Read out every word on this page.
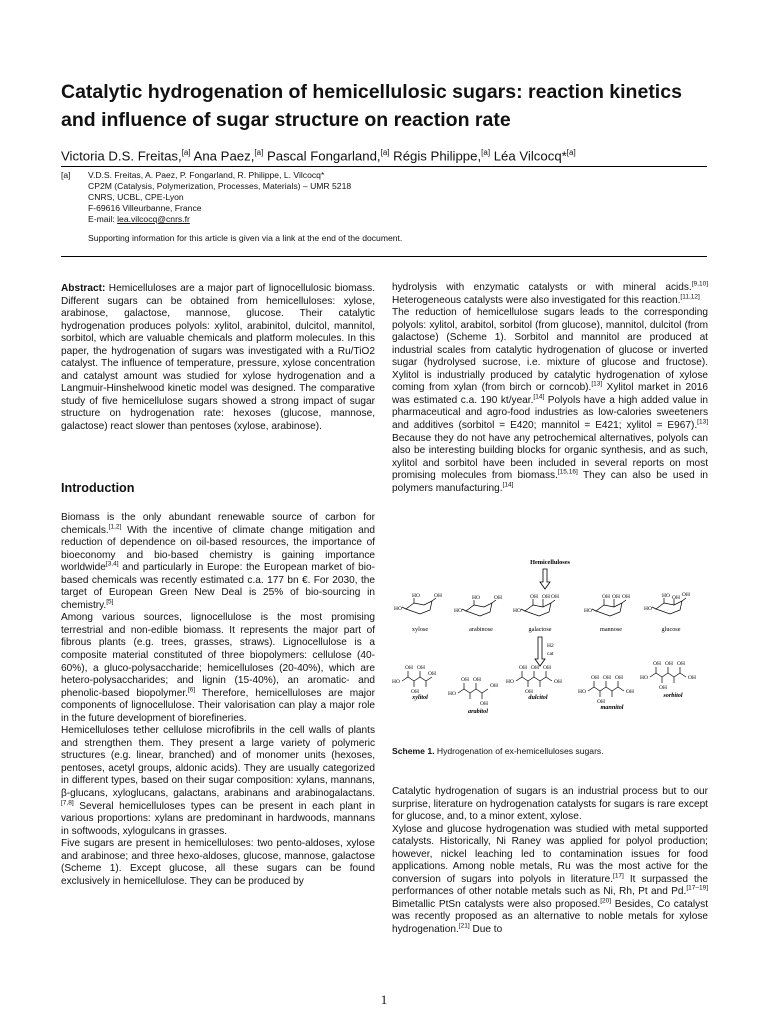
Catalytic hydrogenation of hemicellulosic sugars: reaction kinetics and influence of sugar structure on reaction rate
Victoria D.S. Freitas,[a] Ana Paez,[a] Pascal Fongarland,[a] Régis Philippe,[a] Léa Vilcocq*[a]
[a] V.D.S. Freitas, A. Paez, P. Fongarland, R. Philippe, L. Vilcocq*
CP2M (Catalysis, Polymerization, Processes, Materials) – UMR 5218
CNRS, UCBL, CPE-Lyon
F-69616 Villeurbanne, France
E-mail: lea.vilcocq@cnrs.fr
Supporting information for this article is given via a link at the end of the document.

Abstract: Hemicelluloses are a major part of lignocellulosic biomass. Different sugars can be obtained from hemicelluloses: xylose, arabinose, galactose, mannose, glucose. Their catalytic hydrogenation produces polyols: xylitol, arabinitol, dulcitol, mannitol, sorbitol, which are valuable chemicals and platform molecules. In this paper, the hydrogenation of sugars was investigated with a Ru/TiO2 catalyst. The influence of temperature, pressure, xylose concentration and catalyst amount was studied for xylose hydrogenation and a Langmuir-Hinshelwood kinetic model was designed. The comparative study of five hemicellulose sugars showed a strong impact of sugar structure on hydrogenation rate: hexoses (glucose, mannose, galactose) react slower than pentoses (xylose, arabinose).

Introduction

Biomass is the only abundant renewable source of carbon for chemicals.[1,2] With the incentive of climate change mitigation and reduction of dependence on oil-based resources, the importance of bioeconomy and bio-based chemistry is gaining importance worldwide[3,4] and particularly in Europe: the European market of bio-based chemicals was recently estimated c.a. 177 bn €. For 2030, the target of European Green New Deal is 25% of bio-sourcing in chemistry.[5]

Among various sources, lignocellulose is the most promising terrestrial and non-edible biomass. It represents the major part of fibrous plants (e.g. trees, grasses, straws). Lignocellulose is a composite material constituted of three biopolymers: cellulose (40-60%), a gluco-polysaccharide; hemicelluloses (20-40%), which are hetero-polysaccharides; and lignin (15-40%), an aromatic- and phenolic-based biopolymer.[6] Therefore, hemicelluloses are major components of lignocellulose. Their valorisation can play a major role in the future development of biorefineries.

Hemicelluloses tether cellulose microfibrils in the cell walls of plants and strengthen them. They present a large variety of polymeric structures (e.g. linear, branched) and of monomer units (hexoses, pentoses, acetyl groups, aldonic acids). They are usually categorized in different types, based on their sugar composition: xylans, mannans, β-glucans, xyloglucans, galactans, arabinans and arabinogalactans.[7,8] Several hemicelluloses types can be present in each plant in various proportions: xylans are predominant in hardwoods, mannans in softwoods, xylogulcans in grasses.

Five sugars are present in hemicelluloses: two pento-aldoses, xylose and arabinose; and three hexo-aldoses, glucose, mannose, galactose (Scheme 1). Except glucose, all these sugars can be found exclusively in hemicellulose. They can be produced by

hydrolysis with enzymatic catalysts or with mineral acids.[9,10] Heterogeneous catalysts were also investigated for this reaction.[11,12]

The reduction of hemicellulose sugars leads to the corresponding polyols: xylitol, arabitol, sorbitol (from glucose), mannitol, dulcitol (from galactose) (Scheme 1). Sorbitol and mannitol are produced at industrial scales from catalytic hydrogenation of glucose or inverted sugar (hydrolysed sucrose, i.e. mixture of glucose and fructose). Xylitol is industrially produced by catalytic hydrogenation of xylose coming from xylan (from birch or corncob).[13] Xylitol market in 2016 was estimated c.a. 190 kt/year.[14] Polyols have a high added value in pharmaceutical and agro-food industries as low-calories sweeteners and additives (sorbitol = E420; mannitol = E421; xylitol = E967).[13] Because they do not have any petrochemical alternatives, polyols can also be interesting building blocks for organic synthesis, and as such, xylitol and sorbitol have been included in several reports on most promising molecules from biomass.[15,16] They can also be used in polymers manufacturing.[14]

Hemicelluloses
HO
OH
HO
HO
OH
HO
HO
OH
OH OH
HO
OH
OH OH
HO
OH
HO OH
xylose	arabinose	galactose	mannose	glucose
H2
cat
HO
OH OH
OH
OH
HO
OH OH
OH
OH
HO
OH OH
OH
OH
OH
HO
OH OH
OH
OH
OH
HO
OH OH
OH
OH
OH
xylitol
arabitol
dulcitol
mannitol
sorbitol
Scheme 1. Hydrogenation of ex-hemicelluloses sugars.

Catalytic hydrogenation of sugars is an industrial process but to our surprise, literature on hydrogenation catalysts for sugars is rare except for glucose, and, to a minor extent, xylose.

Xylose and glucose hydrogenation was studied with metal supported catalysts. Historically, Ni Raney was applied for polyol production; however, nickel leaching led to contamination issues for food applications. Among noble metals, Ru was the most active for the conversion of sugars into polyols in literature.[17] It surpassed the performances of other notable metals such as Ni, Rh, Pt and Pd.[17–19] Bimetallic PtSn catalysts were also proposed.[20] Besides, Co catalyst was recently proposed as an alternative to noble metals for xylose hydrogenation.[21] Due to

1
